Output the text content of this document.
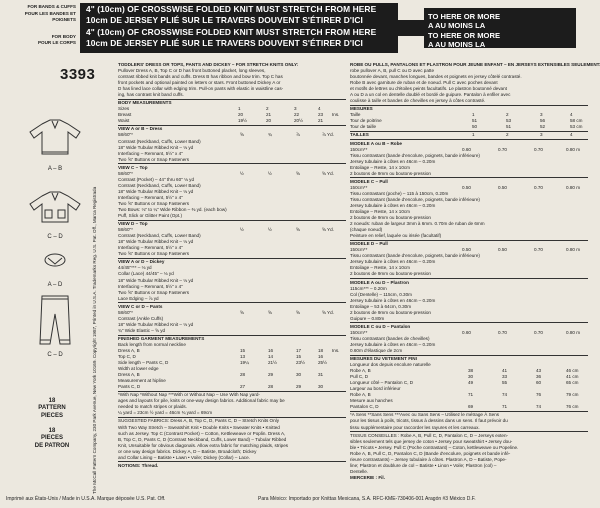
FOR BANDS & CUFFS
POUR LES BANDES ET POIGNETS
FOR BODY
POUR LE CORPS
4" (10cm) OF CROSSWISE FOLDED KNIT MUST STRETCH FROM HERE
10cm DE JERSEY PLIÉ SUR LE TRAVERS DOUVENT S'ÉTIRER D'ICI
4" (10cm) OF CROSSWISE FOLDED KNIT MUST STRETCH FROM HERE
10cm DE JERSEY PLIÉ SUR LE TRAVERS DOUVENT S'ÉTIRER D'ICI
TO HERE OR MORE
A AU MOINS LA
TO HERE OR MORE
A AU MOINS LA
3393
The McCall Pattern Company, 230 Park Avenue, New York 10169. Copyright 1987, Printed in U.S.A. Trademarks Reg. U.S. Pat. Off., Marca Registrada
A – B
C – D
A – D
C – D
18
PATTERN
PIECES
18
PIECES
DE PATRON
TODDLERS' DRESS OR TOPS, PANTS AND DICKEY – FOR STRETCH KNITS ONLY:
Pullover Dress A, B, Top C or D has front buttoned placket, long sleeves,
contrast ribbed knit bands and cuffs. Dress B has ribbon and bow trim. Top C has
front pockets and optional painted on letters or stars. Front buttoned Dickey A or
D has lined lace collar with edging trim. Pull-on pants with elastic in waistline cas-
ing, has contrast knit band cuffs.
BODY MEASUREMENTS
Sizes	1	2	3	4
Breast	20	21	22	23 Ins.
Waist	19½	20	20½	21
VIEW A or B – Dress
58/60"*	⅝	¾	⅞	⅞ Yd.
Contrast (Neckband, Cuffs, Lower Band)
18" Wide Tubular Ribbed Knit – ⅛ yd
Interfacing – Remnant, 5½" x 4"
Two ⅝" Buttons or Snap Fasteners
VIEW C – Top
58/60"*	½	½	⅝	⅝ Yd.
Contrast (Pocket) – 44" thru 60" ⅛ yd
Contrast (Neckband, Cuffs, Lower Band)
18" Wide Tubular Ribbed Knit – ⅛ yd
Interfacing – Remnant, 5½" x 4"
Two ⅝" Buttons or Snap Fasteners
Two Bows: ⅛" to ¼" Wide Ribbon – ⅜ yd. (each bow)
Puff, Slick or Glitter Paint (Opt.)
VIEW D – Top
58/60"*	½	½	⅝	⅝ Yd.
Contrast (Neckband, Cuffs, Lower Band)
18" Wide Tubular Ribbed Knit – ⅛ yd
Interfacing – Remnant, 5½" x 4"
Two ⅝" Buttons or Snap Fasteners
VIEW A or D – Dickey
44/45"*** – ⅛ yd
Collar (Lace) 44/45" – ⅛ yd
18" Wide Tubular Ribbed Knit – ⅛ yd
Interfacing – Remnant, 5½" x 4"
Two ⅝" Buttons or Snap Fasteners
Lace Edging – ⅞ yd
VIEW C or D – Pants
58/60"*	⅝	⅝	⅝	⅝ Yd.
Contrast (Ankle Cuffs)
18" Wide Tubular Ribbed Knit – ⅛ yd
¾" Wide Elastic – ⅝ yd
FINISHED GARMENT MEASUREMENTS
Back length from normal neckline
Dress A, B	15	16	17	18 Ins.
Top C, D	13	14	15	16
Side length – Pants C, D	19¼	21½	23½	25½
Width at lower edge
Dress A, B	28	29	30	31
Measurement at hipline
Pants C, D	27	28	29	30
*With Nap *Without Nap ***With or Without Nap – Use With Nap yard-
ages and layouts for pile, knits or one-way design fabrics. Additional fabric may be
needed to match stripes or plaids.
¼ yard = 23cm ½ yard = 46cm ¾ yard = 69cm
SUGGESTED FABRICS: Dress A, B, Top C, D, Pants C, D – Stretch Knits Only
With Two Way Stretch – Sweatshirt Knit • Double Knits • Sweater Knits • Knitted
such as Jersey. Top C (Contrast Pocket) – Cotton, Kettleweave or Poplin. Dress A,
B, Top C, D, Pants C, D (Contrast Neckband, Cuffs, Lower Band) – Tubular Ribbed
Knit, Unsuitable for obvious diagonals. Allow extra fabric for matching plaids, stripes
or one way design fabrics. Dickey A, D – Batiste, Broadcloth; Dickey
and Collar Lining – Batiste • Lawn • Voile; Dickey (Collar) – Lace.
NOTIONS: Thread.
ROBE OU PULLS, PANTALONS ET PLASTRON POUR JEUNE ENFANT – EN JERSEYS EXTENSIBLES SEULEMENT:
robe pullover A, B, pull C ou D avec patte
boutonnée devant, manches longues, bandes et poignets en jersey côtelé contrasté.
Robe B avec garniture de ruban et de noeud. Pull C avec poches devant
et motifs de lettres ou d'étoiles peints facultatifs. Le plastron boutonné devant
A ou D a un col en dentelle doublé et bordé de guipure. Pantalon à enfiler avec
coulisse à taille et bandes de chevilles en jersey à côtes contrasté.
MESURES
Taille	1	2	3	4
Tour de poitrine	51	53	56	58 cm
Tour de taille	50	51	52	53 cm
TAILLES	1	2	3	4
MODELE A ou B – Robe
150cm**	0.60	0.70	0.70	0.80 m
Tissu contrastant (bande d'encolure, poignets, bande inférieure)
Jersey tubulaire à côtes en 46cm – 0.20m
Entoilage – Reste, 14 x 10cm
2 boutons de 9mm ou boutons-pression
MODELE C – Pull
150cm**	0.50	0.50	0.70	0.80 m
Tissu contrastant (poche) – 115 à 150cm, 0.20m
Tissu contrastant (bande d'encolure, poignets, bande inférieure)
Jersey tubulaire à côtes en 46cm – 0.20m
Entoilage – Reste, 14 x 10cm
2 boutons de 9mm ou boutons-pression
2 noeuds: ruban de largeur 3mm à 6mm. 0.70m de ruban de 6mm
(chaque noeud)
Peinture en relief, laquée ou irisée (facultatif)
MODELE D – Pull
150cm**	0.50	0.50	0.70	0.80 m
Tissu contrastant (bande d'encolure, poignets, bande inférieure)
Jersey tubulaire à côtes en 46cm – 0.20m
Entoilage – Reste, 14 x 10cm
2 boutons de 9mm ou boutons-pression
MODELE A ou D – Plastron
115cm*** – 0.20m
Col (Dentelle) – 115cm, 0.30m
Jersey tubulaire à côtes en 46cm – 0.20m
Entoilage – 53 à 64cm, 0.30m
2 boutons de 9mm ou boutons-pression
Guipure – 0.80m
MODELE C ou D – Pantalon
150cm**	0.60	0.70	0.70	0.80 m
Tissu contrastant (bandes de chevilles)
Jersey tubulaire à côtes en 46cm – 0.20m
0.60m d'élastique de 2cm
MESURES DU VETEMENT FINI
Longueur dos depuis encolure naturelle
Robe A, B	38	41	43	46 cm
Pull C, D	30	33	36	41 cm
Longueur côté – Pantalon C, D	49	55	60	65 cm
Largeur au bord inférieur
Robe A, B	71	74	76	79 cm
Mesure aux hanches
Pantalon C, D	69	71	74	76 cm
*A Sens **Sans Sens ***Avec ou Sans Sens – Utilisez le métrage À Sens
pour les tissus à poils, tricots, tissus à dessins dans un sens. Il faut prévoir du
tissu supplémentaire pour raccorder les rayures et les carreaux.
TISSUS CONSEILLES : Robe A, B, Pull C, D, Pantalon C, D – Jerseys exten-
sibles seulement tels que jersey de coton • Jersey pour sweatshirt • Jersey dou-
ble • Tricots • Jersey. Pull C (Poche contrastant) – Coton, kettleweave ou Popeline.
Robe A, B, Pull C, D, Pantalon C, D (Bande d'encolure, poignets et bande infé-
rieure contrastants) – Jersey tubulaire à côtes. Plastron A, D – Batiste, Pope-
line; Plastron et doublure de col – Batiste • Linon • Voile; Plastron (col) –
Dentelle.
MERCERIE : Fil.
Imprimé aux États-Unis / Made in U.S.A. Marque déposée U.S. Pat. Off.	Para México: Importado por Knittas Mexicana, S.A. RFC-KME-730406-001 Aragón #3 México D.F.
